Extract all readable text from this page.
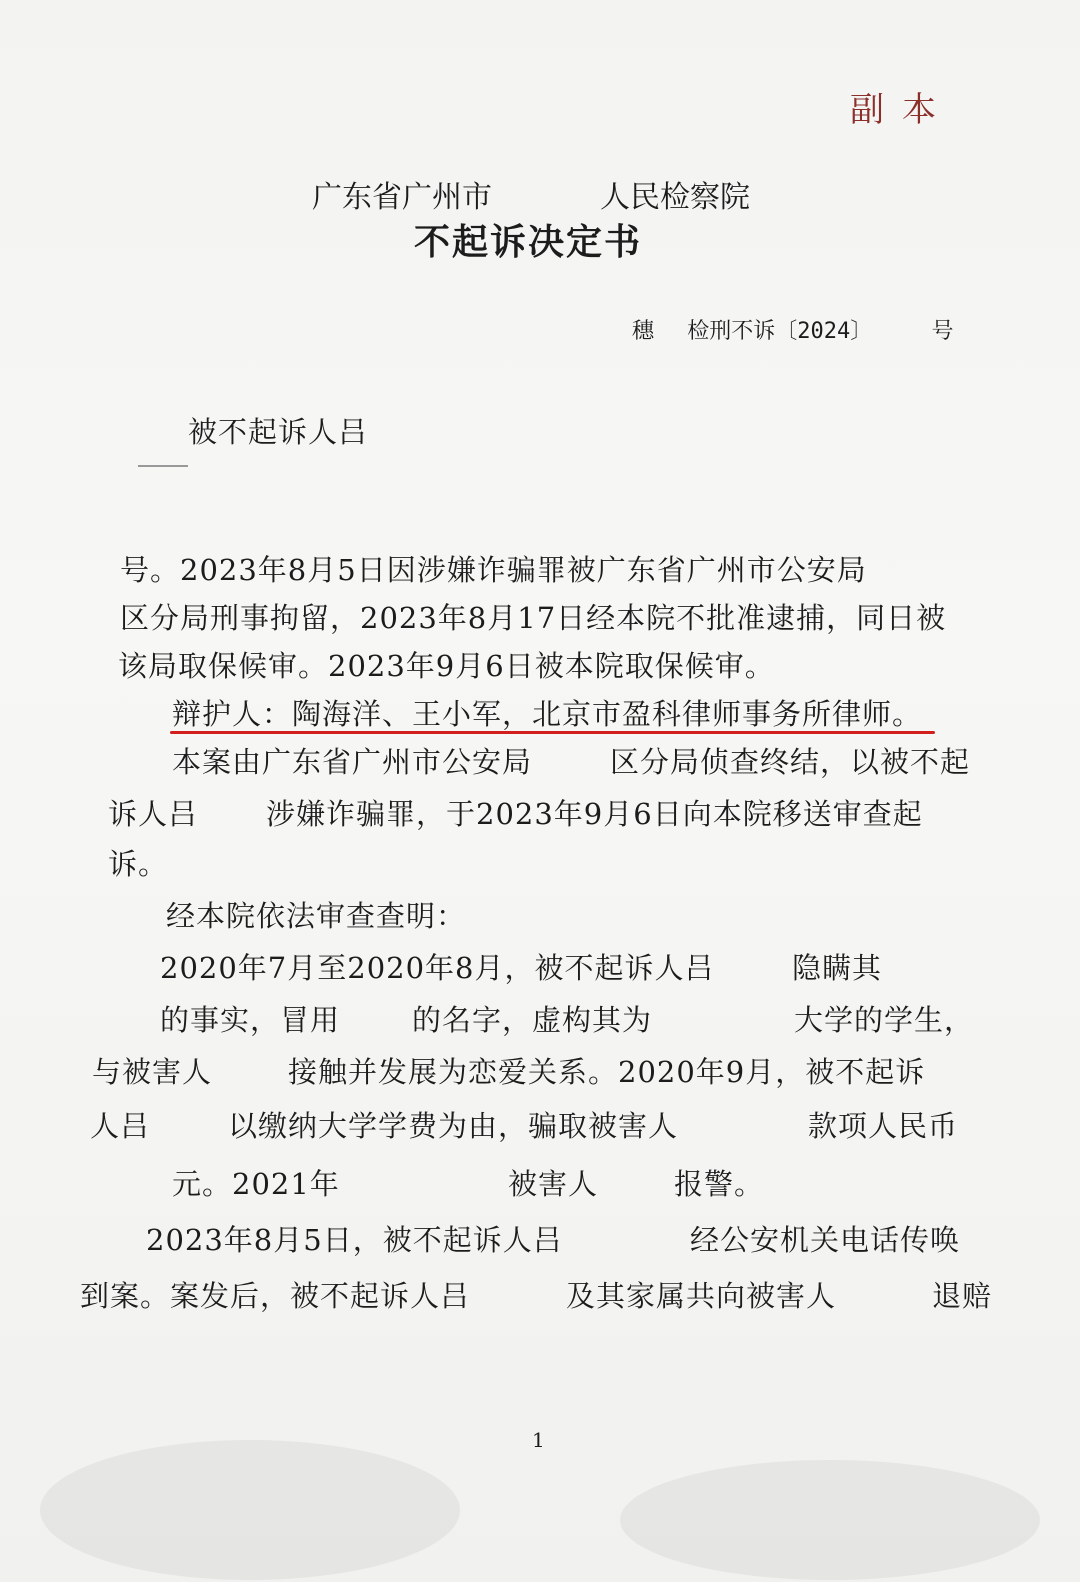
副本
广东省广州市	人民检察院
不起诉决定书
穗 检刑不诉〔2024〕	号
被不起诉人吕
号。2023年8月5日因涉嫌诈骗罪被广东省广州市公安局
区分局刑事拘留，2023年8月17日经本院不批准逮捕，同日被
该局取保候审。2023年9月6日被本院取保候审。
辩护人：陶海洋、王小军，北京市盈科律师事务所律师。
本案由广东省广州市公安局	区分局侦查终结，以被不起
诉人吕 涉嫌诈骗罪，于2023年9月6日向本院移送审查起
诉。
经本院依法审查查明：
2020年7月至2020年8月，被不起诉人吕	隐瞒其
的事实，冒用 的名字，虚构其为	大学的学生，
与被害人	接触并发展为恋爱关系。2020年9月，被不起诉
人吕	以缴纳大学学费为由，骗取被害人	款项人民币
元。2021年	被害人	报警。
2023年8月5日，被不起诉人吕	经公安机关电话传唤
到案。案发后，被不起诉人吕	及其家属共向被害人	退赔
1
